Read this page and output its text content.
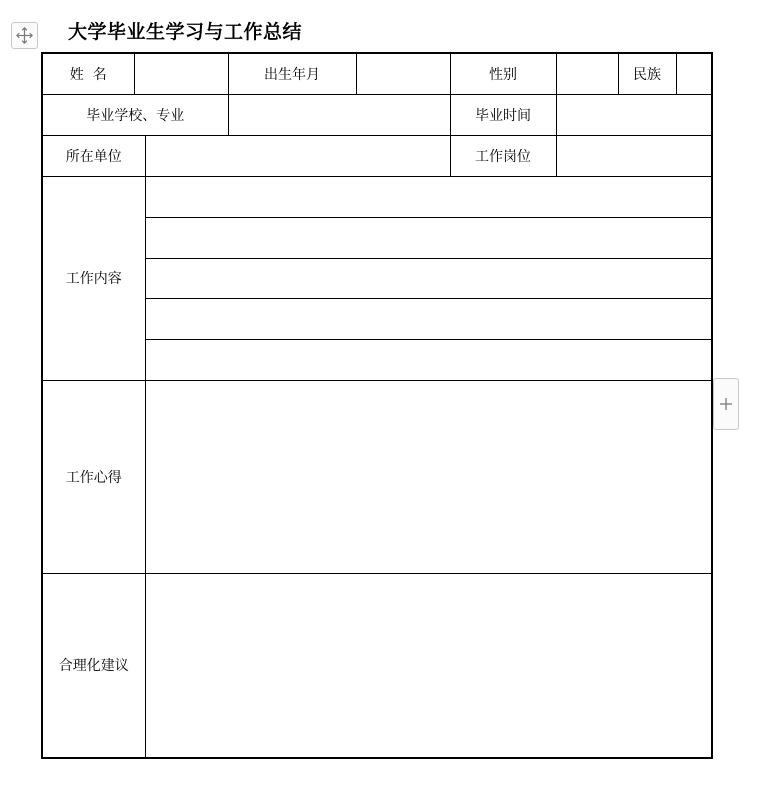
大学毕业生学习与工作总结
姓  名		出生年月		性别		民族	
毕业学校、专业		毕业时间	
所在单位		工作岗位	
工作内容	

工作心得	
合理化建议	
